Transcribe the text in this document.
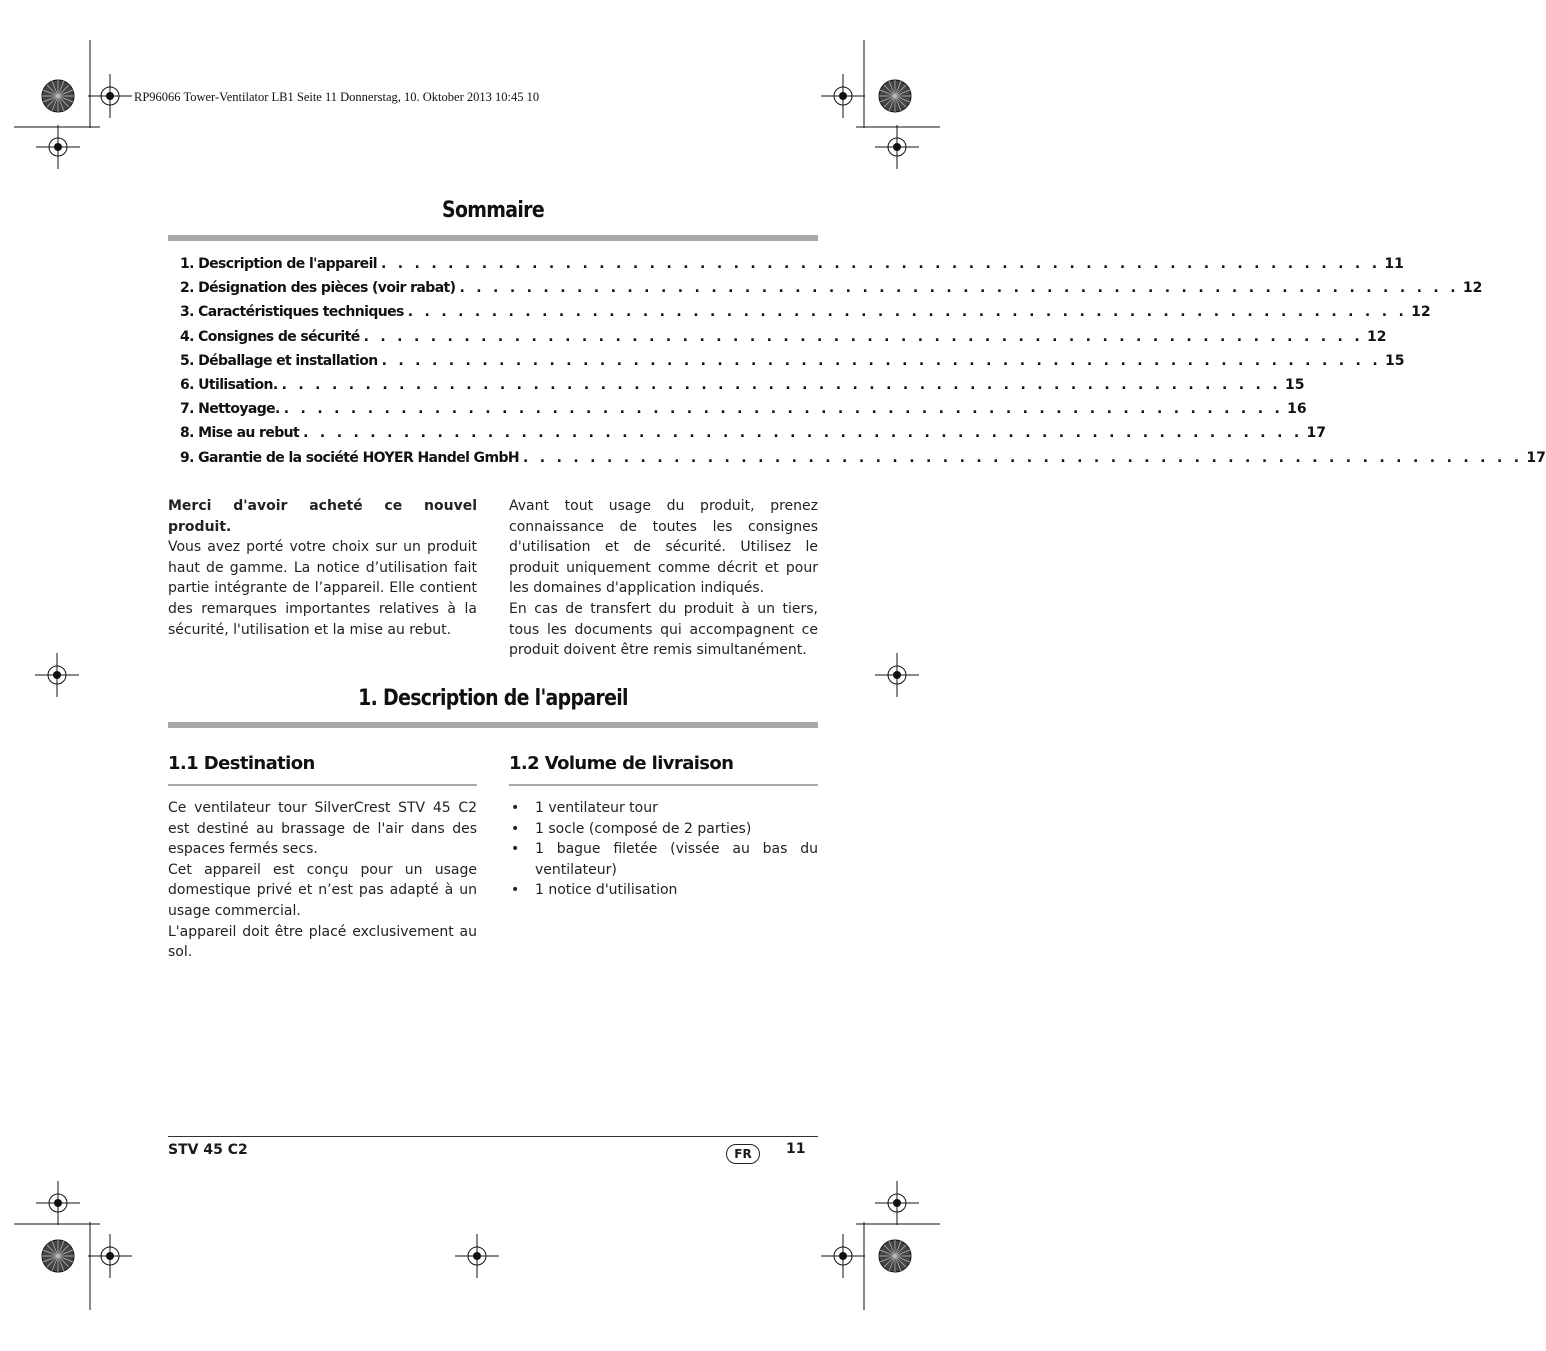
RP96066 Tower-Ventilator LB1 Seite 11 Donnerstag, 10. Oktober 2013 10:45 10
Sommaire
1. Description de l'appareil . . . . . . . . . . . . . . . . . . . . . . . . . . . . . . . . . . . . . . . . . . . . . . . . . . . . . . . . . . . . 11
2. Désignation des pièces (voir rabat) . . . . . . . . . . . . . . . . . . . . . . . . . . . . . . . . . . . . . . . . . . . . . . . . . . . . . . . . . . . . 12
3. Caractéristiques techniques . . . . . . . . . . . . . . . . . . . . . . . . . . . . . . . . . . . . . . . . . . . . . . . . . . . . . . . . . . . . 12
4. Consignes de sécurité . . . . . . . . . . . . . . . . . . . . . . . . . . . . . . . . . . . . . . . . . . . . . . . . . . . . . . . . . . . . 12
5. Déballage et installation . . . . . . . . . . . . . . . . . . . . . . . . . . . . . . . . . . . . . . . . . . . . . . . . . . . . . . . . . . . . 15
6. Utilisation. . . . . . . . . . . . . . . . . . . . . . . . . . . . . . . . . . . . . . . . . . . . . . . . . . . . . . . . . . . . . 15
7. Nettoyage. . . . . . . . . . . . . . . . . . . . . . . . . . . . . . . . . . . . . . . . . . . . . . . . . . . . . . . . . . . . . 16
8. Mise au rebut . . . . . . . . . . . . . . . . . . . . . . . . . . . . . . . . . . . . . . . . . . . . . . . . . . . . . . . . . . . . 17
9. Garantie de la société HOYER Handel GmbH . . . . . . . . . . . . . . . . . . . . . . . . . . . . . . . . . . . . . . . . . . . . . . . . . . . . . . . . . . . . 17

Merci d'avoir acheté ce nouvel produit.

Vous avez porté votre choix sur un produit haut de gamme. La notice d’utilisation fait partie intégrante de l’appareil. Elle contient des remarques importantes relatives à la sécurité, l'utilisation et la mise au rebut.

Avant tout usage du produit, prenez connaissance de toutes les consignes d'utilisation et de sécurité. Utilisez le produit uniquement comme décrit et pour les domaines d'application indiqués.

En cas de transfert du produit à un tiers, tous les documents qui accompagnent ce produit doivent être remis simultanément.

1. Description de l'appareil
1.1 Destination

Ce ventilateur tour SilverCrest STV 45 C2 est destiné au brassage de l'air dans des espaces fermés secs.

Cet appareil est conçu pour un usage domestique privé et n’est pas adapté à un usage commercial.

L'appareil doit être placé exclusivement au sol.

1.2 Volume de livraison
• 1 ventilateur tour
• 1 socle (composé de 2 parties)
• 1 bague filetée (vissée au bas du ventilateur)
• 1 notice d'utilisation
STV 45 C2	FR	11
